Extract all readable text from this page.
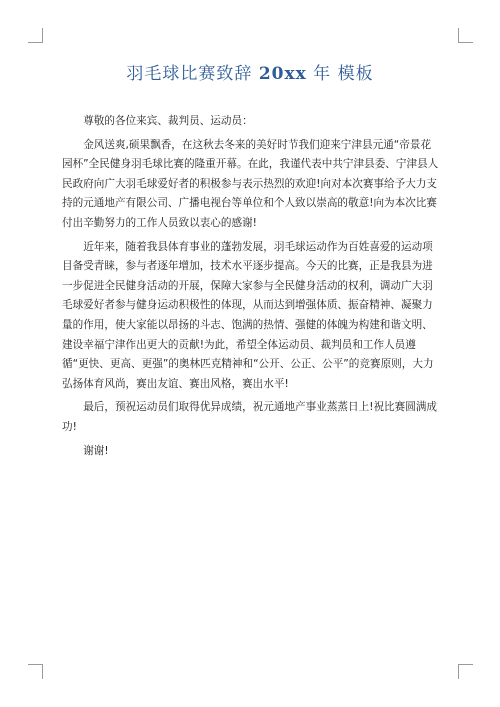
羽毛球比赛致辞 20xx 年 模板

尊敬的各位来宾、裁判员、运动员：

金风送爽,硕果飘香，在这秋去冬来的美好时节我们迎来宁津县元通“帝景花园杯”全民健身羽毛球比赛的隆重开幕。在此，我谨代表中共宁津县委、宁津县人民政府向广大羽毛球爱好者的积极参与表示热烈的欢迎!向对本次赛事给予大力支持的元通地产有限公司、广播电视台等单位和个人致以崇高的敬意!向为本次比赛付出辛勤努力的工作人员致以衷心的感谢!

近年来，随着我县体育事业的蓬勃发展，羽毛球运动作为百姓喜爱的运动项目备受青睐，参与者逐年增加，技术水平逐步提高。今天的比赛，正是我县为进一步促进全民健身活动的开展，保障大家参与全民健身活动的权利，调动广大羽毛球爱好者参与健身运动积极性的体现，从而达到增强体质、振奋精神、凝聚力量的作用，使大家能以昂扬的斗志、饱满的热情、强健的体魄为构建和谐文明、建设幸福宁津作出更大的贡献!为此，希望全体运动员、裁判员和工作人员遵循“更快、更高、更强”的奥林匹克精神和“公开、公正、公平”的竞赛原则，大力弘扬体育风尚，赛出友谊、赛出风格，赛出水平!

最后，预祝运动员们取得优异成绩，祝元通地产事业蒸蒸日上!祝比赛圆满成功!

谢谢!
